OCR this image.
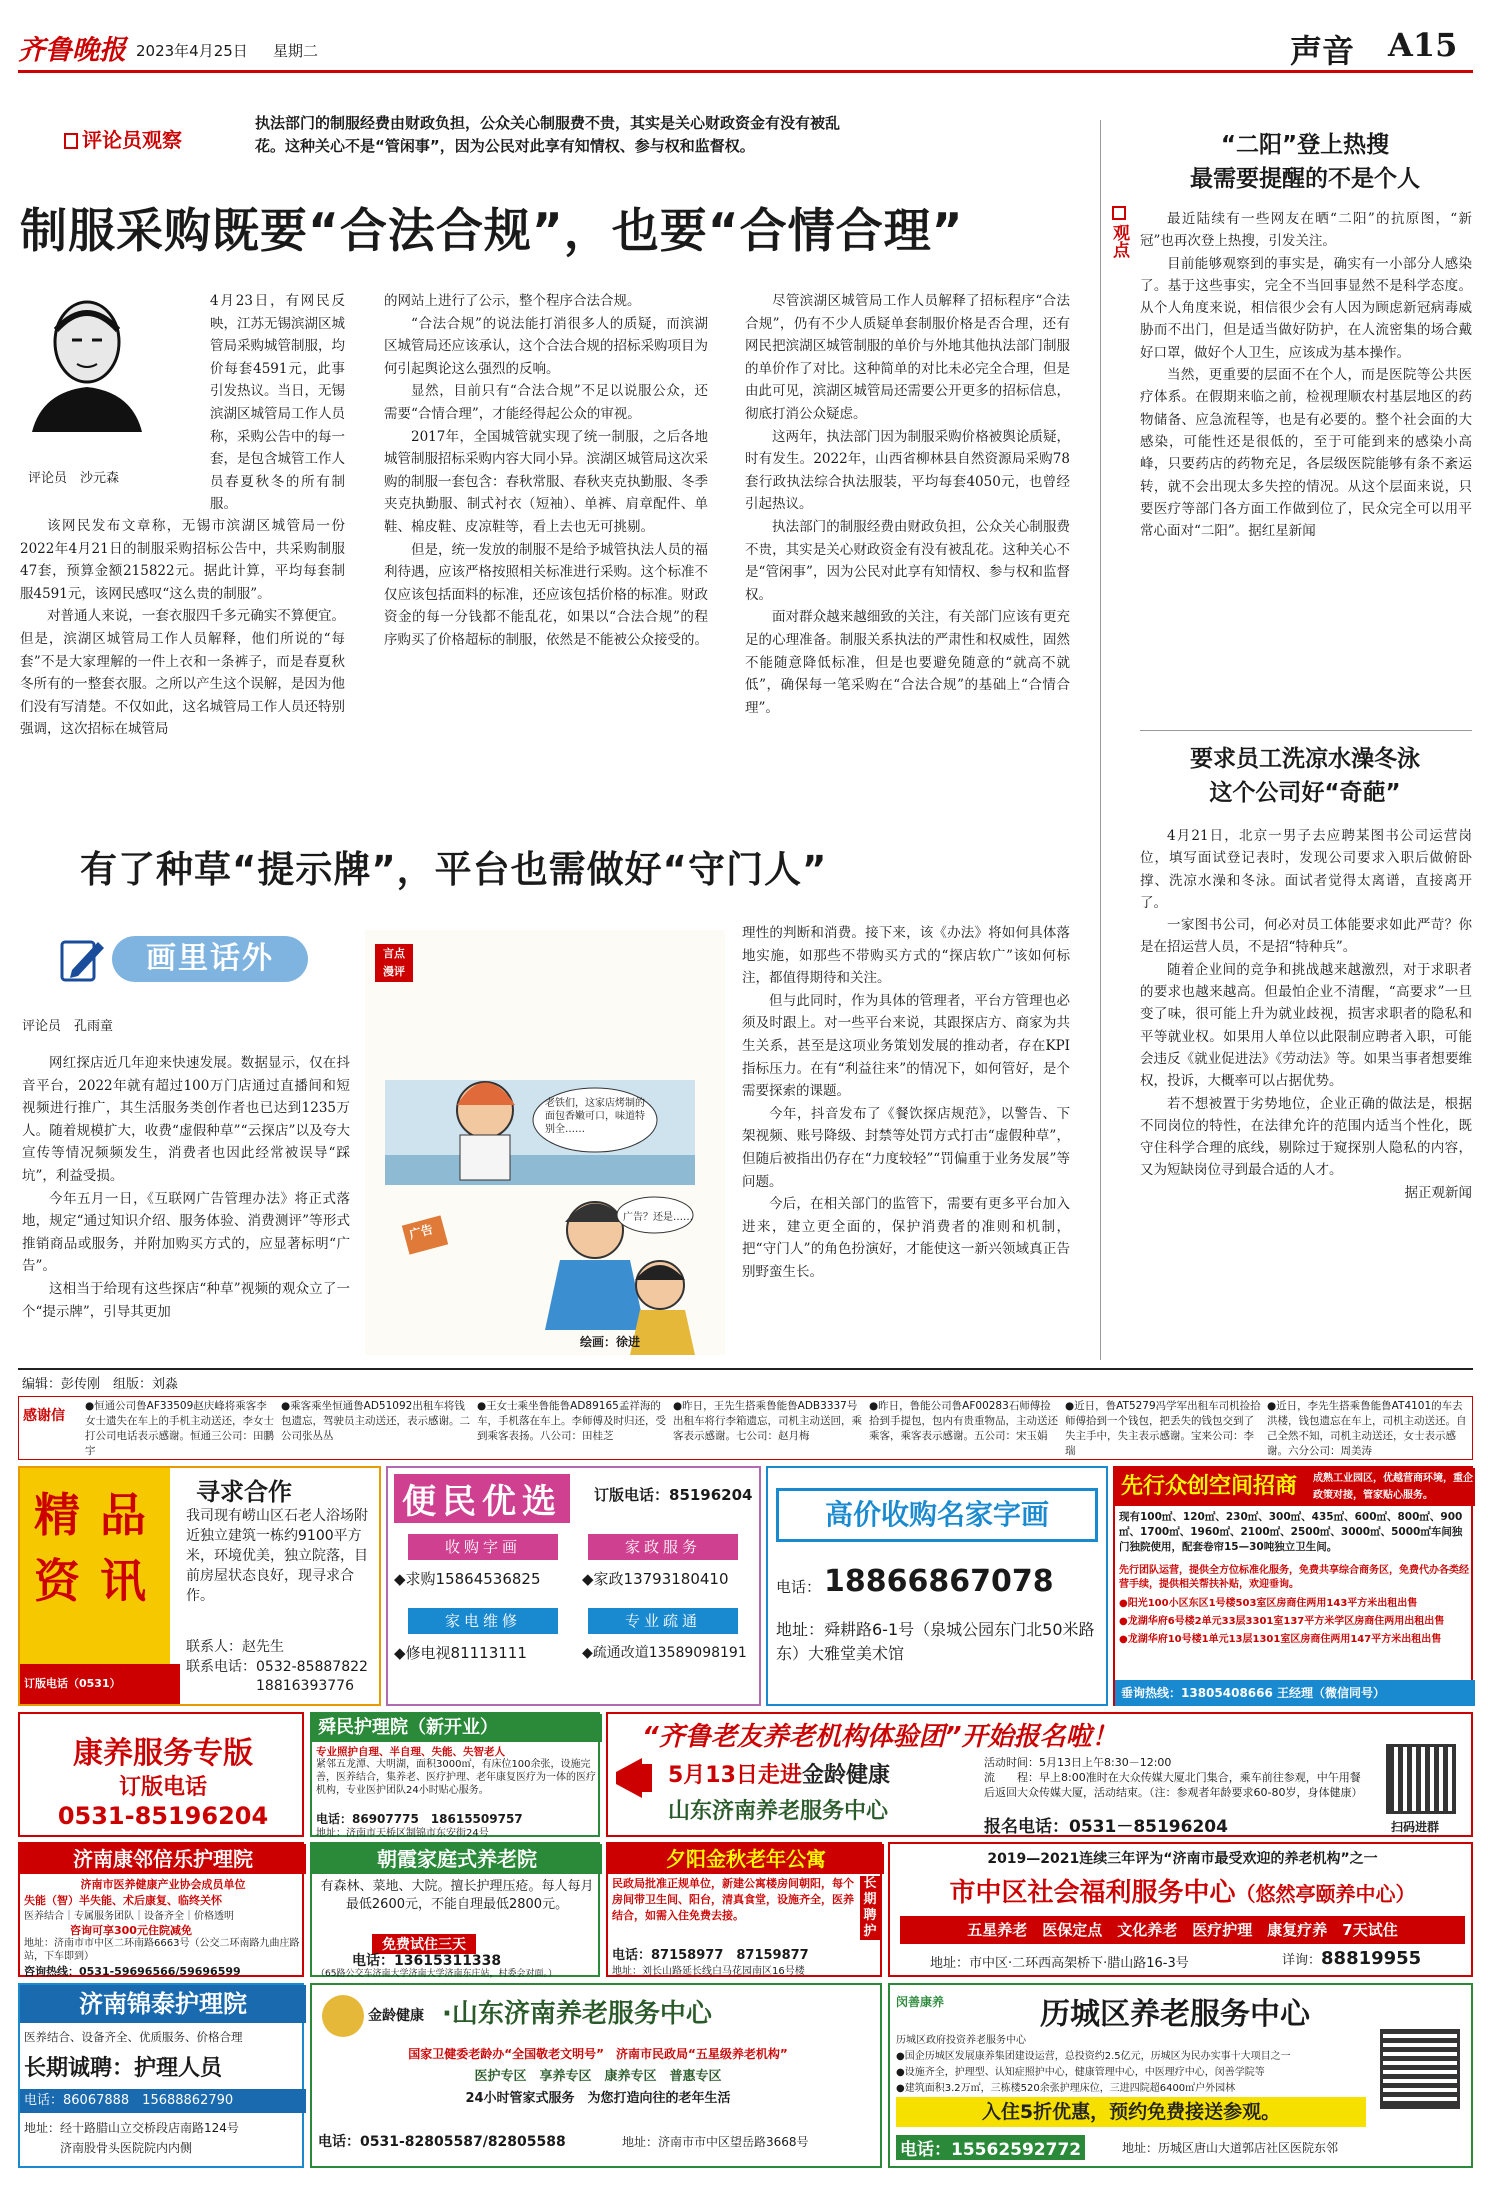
齐鲁晚报 2023年4月25日 星期二	声音 A15
评论员观察
执法部门的制服经费由财政负担，公众关心制服费不贵，其实是关心财政资金有没有被乱
花。这种关心不是“管闲事”，因为公民对此享有知情权、参与权和监督权。
制服采购既要“合法合规”，也要“合情合理”
评论员　沙元森

4月23日，有网民反映，江苏无锡滨湖区城管局采购城管制服，均价每套4591元，此事引发热议。当日，无锡滨湖区城管局工作人员称，采购公告中的每一套，是包含城管工作人员春夏秋冬的所有制服。

该网民发布文章称，无锡市滨湖区城管局一份2022年4月21日的制服采购招标公告中，共采购制服47套，预算金额215822元。据此计算，平均每套制服4591元，该网民感叹“这么贵的制服”。

对普通人来说，一套衣服四千多元确实不算便宜。但是，滨湖区城管局工作人员解释，他们所说的“每套”不是大家理解的一件上衣和一条裤子，而是春夏秋冬所有的一整套衣服。之所以产生这个误解，是因为他们没有写清楚。不仅如此，这名城管局工作人员还特别强调，这次招标在城管局

的网站上进行了公示，整个程序合法合规。

“合法合规”的说法能打消很多人的质疑，而滨湖区城管局还应该承认，这个合法合规的招标采购项目为何引起舆论这么强烈的反响。

显然，目前只有“合法合规”不足以说服公众，还需要“合情合理”，才能经得起公众的审视。

2017年，全国城管就实现了统一制服，之后各地城管制服招标采购内容大同小异。滨湖区城管局这次采购的制服一套包含：春秋常服、春秋夹克执勤服、冬季夹克执勤服、制式衬衣（短袖）、单裤、肩章配件、单鞋、棉皮鞋、皮凉鞋等，看上去也无可挑剔。

但是，统一发放的制服不是给予城管执法人员的福利待遇，应该严格按照相关标准进行采购。这个标准不仅应该包括面料的标准，还应该包括价格的标准。财政资金的每一分钱都不能乱花，如果以“合法合规”的程序购买了价格超标的制服，依然是不能被公众接受的。

尽管滨湖区城管局工作人员解释了招标程序“合法合规”，仍有不少人质疑单套制服价格是否合理，还有网民把滨湖区城管制服的单价与外地其他执法部门制服的单价作了对比。这种简单的对比未必完全合理，但是由此可见，滨湖区城管局还需要公开更多的招标信息，彻底打消公众疑虑。

这两年，执法部门因为制服采购价格被舆论质疑，时有发生。2022年，山西省柳林县自然资源局采购78套行政执法综合执法服装，平均每套4050元，也曾经引起热议。

执法部门的制服经费由财政负担，公众关心制服费不贵，其实是关心财政资金有没有被乱花。这种关心不是“管闲事”，因为公民对此享有知情权、参与权和监督权。

面对群众越来越细致的关注，有关部门应该有更充足的心理准备。制服关系执法的严肃性和权威性，固然不能随意降低标准，但是也要避免随意的“就高不就低”，确保每一笔采购在“合法合规”的基础上“合情合理”。

观点
“二阳”登上热搜
最需要提醒的不是个人

最近陆续有一些网友在晒“二阳”的抗原图，“新冠”也再次登上热搜，引发关注。

目前能够观察到的事实是，确实有一小部分人感染了。基于这些事实，完全不当回事显然不是科学态度。从个人角度来说，相信很少会有人因为顾虑新冠病毒威胁而不出门，但是适当做好防护，在人流密集的场合戴好口罩，做好个人卫生，应该成为基本操作。

当然，更重要的层面不在个人，而是医院等公共医疗体系。在假期来临之前，检视理顺农村基层地区的药物储备、应急流程等，也是有必要的。整个社会面的大感染，可能性还是很低的，至于可能到来的感染小高峰，只要药店的药物充足，各层级医院能够有条不紊运转，就不会出现太多失控的情况。从这个层面来说，只要医疗等部门各方面工作做到位了，民众完全可以用平常心面对“二阳”。据红星新闻

要求员工洗凉水澡冬泳
这个公司好“奇葩”

4月21日，北京一男子去应聘某图书公司运营岗位，填写面试登记表时，发现公司要求入职后做俯卧撑、洗凉水澡和冬泳。面试者觉得太离谱，直接离开了。

一家图书公司，何必对员工体能要求如此严苛？你是在招运营人员，不是招“特种兵”。

随着企业间的竞争和挑战越来越激烈，对于求职者的要求也越来越高。但最怕企业不清醒，“高要求”一旦变了味，很可能上升为就业歧视，损害求职者的隐私和平等就业权。如果用人单位以此限制应聘者入职，可能会违反《就业促进法》《劳动法》等。如果当事者想要维权，投诉，大概率可以占据优势。

若不想被置于劣势地位，企业正确的做法是，根据不同岗位的特性，在法律允许的范围内适当个性化，既守住科学合理的底线，剔除过于窥探别人隐私的内容，又为短缺岗位寻到最合适的人才。

据正观新闻

有了种草“提示牌”，平台也需做好“守门人”
画里话外
评论员　孔雨童

网红探店近几年迎来快速发展。数据显示，仅在抖音平台，2022年就有超过100万门店通过直播间和短视频进行推广，其生活服务类创作者也已达到1235万人。随着规模扩大，收费“虚假种草”“云探店”以及夸大宣传等情况频频发生，消费者也因此经常被误导“踩坑”，利益受损。

今年五月一日，《互联网广告管理办法》将正式落地，规定“通过知识介绍、服务体验、消费测评”等形式推销商品或服务，并附加购买方式的，应显著标明“广告”。

这相当于给现有这些探店“种草”视频的观众立了一个“提示牌”，引导其更加

言点
漫评
老铁们，这家店烤制的面包香嫩可口，味道特别全……
广告？还是……
广告
绘画：徐进

理性的判断和消费。接下来，该《办法》将如何具体落地实施，如那些不带购买方式的“探店软广”该如何标注，都值得期待和关注。

但与此同时，作为具体的管理者，平台方管理也必须及时跟上。对一些平台来说，其跟探店方、商家为共生关系，甚至是这项业务策划发展的推动者，存在KPI指标压力。在有“利益往来”的情况下，如何管好，是个需要探索的课题。

今年，抖音发布了《餐饮探店规范》，以警告、下架视频、账号降级、封禁等处罚方式打击“虚假种草”，但随后被指出仍存在“力度较轻”“罚偏重于业务发展”等问题。

今后，在相关部门的监管下，需要有更多平台加入进来，建立更全面的，保护消费者的准则和机制，把“守门人”的角色扮演好，才能使这一新兴领域真正告别野蛮生长。

编辑：彭传刚　组版：刘淼
感谢信
●恒通公司鲁AF33509赵庆峰将乘客李女士遗失在车上的手机主动送还，李女士打公司电话表示感谢。恒通三公司：田鹏宇
●乘客乘坐恒通鲁AD51092出租车将钱包遗忘，驾驶员主动送还，表示感谢。二公司张丛丛
●王女士乘坐鲁能鲁AD89165孟祥海的车，手机落在车上。李师傅及时归还，受到乘客表扬。八公司：田桂芝
●昨日，王先生搭乘鲁能鲁ADB3337号出租车将行李箱遗忘，司机主动送回，乘客表示感谢。七公司：赵月梅
●昨日，鲁能公司鲁AF00283石师傅捡拾到手提包，包内有贵重物品，主动送还乘客，乘客表示感谢。五公司：宋玉娟
●近日，鲁AT5279冯学军出租车司机捡拾师傅拾到一个钱包，把丢失的钱包交到了失主手中，失主表示感谢。宝来公司：李瑞
●近日，李先生搭乘鲁能鲁AT4101的车去洪楼，钱包遗忘在车上，司机主动送还。自己全然不知，司机主动送还，女士表示感谢。六分公司：周美涛
精品资讯
订版电话（0531）85196204
寻求合作
我司现有崂山区石老人浴场附近独立建筑一栋约9100平方米，环境优美，独立院落，目前房屋状态良好，现寻求合作。
联系人：赵先生
联系电话：0532-85887822
18816393776
便民优选	订版电话：85196204
收购字画	家政服务
◆求购15864536825	◆家政13793180410
家电维修	专业疏通
◆修电视81113111	◆疏通改道13589098191
高价收购名家字画
电话： 18866867078
地址：舜耕路6-1号（泉城公园东门北50米路东）大雅堂美术馆
先行众创空间招商	成熟工业园区，优越营商环境，重企政策对接，管家贴心服务。
现有100㎡、120㎡、230㎡、300㎡、435㎡、600㎡、800㎡、900㎡、1700㎡、1960㎡、2100㎡、2500㎡、3000㎡、5000㎡车间独门独院使用，配套卷帘15—30吨独立卫生间。
先行团队运营，提供全方位标准化服务，免费共享综合商务区，免费代办各类经营手续，提供相关帮扶补贴，欢迎垂询。
●阳光100小区东区1号楼503室区房商住两用143平方米出租出售
●龙湖华府6号楼2单元33层3301室137平方米学区房商住两用出租出售
●龙湖华府10号楼1单元13层1301室区房商住两用147平方米出租出售
垂询热线：13805408666 王经理（微信同号）
康养服务专版
订版电话
0531-85196204
舜民护理院（新开业）
专业照护自理、半自理、失能、失智老人
紧邻五龙潭、大明湖，面积3000㎡，有床位100余张，设施完善，医养结合，集养老、医疗护理、老年康复医疗为一体的医疗机构，专业医护团队24小时贴心服务。
电话：86907775　18615509757
地址：济南市天桥区制锦市东安街24号
“齐鲁老友养老机构体验团”开始报名啦！
5月13日走进金龄健康
山东济南养老服务中心
活动时间：5月13日上午8:30－12:00
流　　程：早上8:00准时在大众传媒大厦北门集合，乘车前往参观，中午用餐后返回大众传媒大厦，活动结束。（注：参观者年龄要求60-80岁，身体健康）
报名电话：0531－85196204	扫码进群
济南康邻倍乐护理院
济南市医养健康产业协会成员单位
失能（智）半失能、术后康复、临终关怀
医养结合｜专属服务团队｜设备齐全｜价格透明
咨询可享300元住院减免
地址：济南市市中区二环南路6663号（公交二环南路九曲庄路站，下车即到）
咨询热线：0531-59696566/59696599
朝霞家庭式养老院
有森林、菜地、大院。擅长护理压疮。每人每月最低2600元，不能自理最低2800元。
免费试住三天
电话：13615311338
（65路公交车济南大学济南大学济南东庄站，村委会对面。）
夕阳金秋老年公寓
民政局批准正规单位，新建公寓楼房间朝阳，每个房间带卫生间、阳台，清真食堂，设施齐全，医养结合，如需入住免费去接。
电话：87158977　87159877
地址：刘长山路延长线白马花园南区16号楼
长期聘护工
2019—2021连续三年评为“济南市最受欢迎的养老机构”之一
市中区社会福利服务中心（悠然亭颐养中心）
五星养老　医保定点　文化养老　医疗护理　康复疗养　7天试住
地址：市中区·二环西高架桥下·腊山路16-3号	详询：88819955
济南锦泰护理院
医养结合、设备齐全、优质服务、价格合理
长期诚聘：护理人员
电话：86067888　15688862790
地址：经十路腊山立交桥段店南路124号
济南股骨头医院院内内侧
金龄健康 ·山东济南养老服务中心
国家卫健委老龄办“全国敬老文明号”　济南市民政局“五星级养老机构”
医护专区　享养专区　康养专区　普惠专区
24小时管家式服务　为您打造向往的老年生活
电话：0531-82805587/82805588	地址：济南市市中区望岳路3668号
闵善康养	历城区养老服务中心
历城区政府投资养老服务中心
●国企历城区发展康养集团建设运营，总投资约2.5亿元，历城区为民办实事十大项目之一
●设施齐全，护理型、认知症照护中心，健康管理中心，中医理疗中心，闵善学院等
●建筑面积3.2万㎡，三栋楼520余张护理床位，三进四院超6400㎡户外园林
入住5折优惠，预约免费接送参观。
电话：15562592772	地址：历城区唐山大道郭店社区医院东邻
